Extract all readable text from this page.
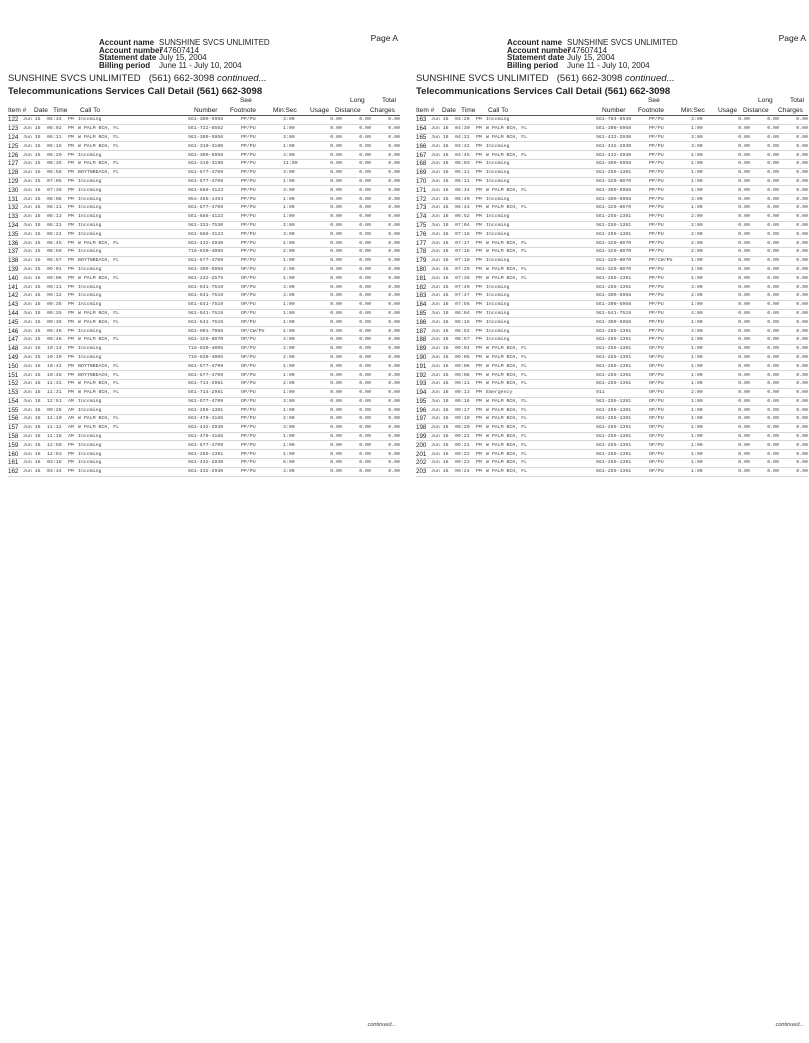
Page A
Account name SUNSHINE SVCS UNLIMITED
Account number747607414
Statement date July 15, 2004
Billing period June 11 - July 10, 2004
SUNSHINE SVCS UNLIMITED (561) 662-3098 continued...
Telecommunications Services Call Detail (561) 662-3098
Item # Date Time Call To	Number
See
Footnote	Min:Sec Usage
Long
Distance
Total
Charges
122	Jun 15	05:34	PM	Incoming	561-309-5958	PP/PU	3:00	0.00	0.00	0.00
123	Jun 15	06:02	PM	W PALM BCH, FL	561-722-6562	PP/PU	1:00	0.00	0.00	0.00
124	Jun 15	06:11	PM	W PALM BCH, FL	561-309-5958	PP/PU	3:00	0.00	0.00	0.00
125	Jun 15	06:15	PM	W PALM BCH, FL	561-310-3190	PP/PU	1:00	0.00	0.00	0.00
126	Jun 15	06:20	PM	Incoming	561-309-5958	PP/PU	3:00	0.00	0.00	0.00
127	Jun 15	06:36	PM	W PALM BCH, FL	561-310-3190	PP/PU	11:00	0.00	0.00	0.00
128	Jun 15	06:58	PM	BOYTNBEACH, FL	561-577-4709	PP/PU	3:00	0.00	0.00	0.00
129	Jun 15	07:05	PM	Incoming	561-577-4709	PP/PU	1:00	0.00	0.00	0.00
130	Jun 15	07:36	PM	Incoming	561-686-4123	PP/PU	3:00	0.00	0.00	0.00
131	Jun 15	08:08	PM	Incoming	954-465-1494	PP/PU	1:00	0.00	0.00	0.00
132	Jun 15	08:11	PM	Incoming	561-577-4709	PP/PU	1:00	0.00	0.00	0.00
133	Jun 15	08:13	PM	Incoming	561-686-4123	PP/PU	1:00	0.00	0.00	0.00
134	Jun 15	08:21	PM	Incoming	561-333-7530	PP/PU	2:00	0.00	0.00	0.00
135	Jun 15	08:24	PM	Incoming	561-686-4123	PP/PU	3:00	0.00	0.00	0.00
136	Jun 15	08:45	PM	W PALM BCH, FL	561-432-2930	PP/PU	1:00	0.00	0.00	0.00
137	Jun 15	08:50	PM	Incoming	716-830-4005	PP/PU	2:00	0.00	0.00	0.00
138	Jun 15	08:57	PM	BOYTNBEACH, FL	561-577-4709	PP/PU	1:00	0.00	0.00	0.00
139	Jun 15	09:01	PM	Incoming	561-309-5958	OP/PU	2:00	0.00	0.00	0.00
140	Jun 15	09:06	PM	W PALM BCH, FL	561-232-2575	OP/PU	1:00	0.00	0.00	0.00
141	Jun 15	09:11	PM	Incoming	561-541-7519	OP/PU	3:00	0.00	0.00	0.00
142	Jun 15	09:12	PM	Incoming	561-541-7519	OP/PU	3:00	0.00	0.00	0.00
143	Jun 15	09:35	PM	Incoming	561-541-7519	OP/PU	1:00	0.00	0.00	0.00
144	Jun 15	09:35	PM	W PALM BCH, FL	561-541-7519	OP/PU	1:00	0.00	0.00	0.00
145	Jun 15	09:36	PM	W PALM BCH, FL	561-541-7519	OP/PU	1:00	0.00	0.00	0.00
146	Jun 15	09:46	PM	Incoming	561-901-7966	OP/CW/PU	1:00	0.00	0.00	0.00
147	Jun 15	09:46	PM	W PALM BCH, FL	561-329-8070	OP/PU	4:00	0.00	0.00	0.00
148	Jun 15	10:14	PM	Incoming	716-830-4005	OP/PU	2:00	0.00	0.00	0.00
149	Jun 15	10:19	PM	Incoming	716-830-4005	OP/PU	2:00	0.00	0.00	0.00
150	Jun 15	10:42	PM	BOYTNBEACH, FL	561-577-4709	OP/PU	1:00	0.00	0.00	0.00
151	Jun 15	10:48	PM	BOYTNBEACH, FL	561-577-4709	OP/PU	1:00	0.00	0.00	0.00
152	Jun 15	11:31	PM	W PALM BCH, FL	561-714-2981	OP/PU	2:00	0.00	0.00	0.00
153	Jun 15	11:31	PM	W PALM BCH, FL	561-714-2981	OP/PU	1:00	0.00	0.00	0.00
154	Jun 16	12:51	AM	Incoming	561-577-4709	OP/PU	3:00	0.00	0.00	0.00
155	Jun 16	09:26	AM	Incoming	561-255-1391	PP/PU	1:00	0.00	0.00	0.00
156	Jun 16	11:10	AM	W PALM BCH, FL	561-478-4188	PP/PU	2:00	0.00	0.00	0.00
157	Jun 16	11:12	AM	W PALM BCH, FL	561-432-2930	PP/PU	3:00	0.00	0.00	0.00
158	Jun 16	11:18	AM	Incoming	561-478-4188	PP/PU	1:00	0.00	0.00	0.00
159	Jun 16	12:50	PM	Incoming	561-577-4709	PP/PU	1:00	0.00	0.00	0.00
160	Jun 16	12:53	PM	Incoming	561-255-1391	PP/PU	1:00	0.00	0.00	0.00
161	Jun 16	03:18	PM	Incoming	561-432-2930	PP/PU	6:00	0.00	0.00	0.00
162	Jun 16	03:34	PM	Incoming	561-432-2930	PP/PU	3:00	0.00	0.00	0.00
continued...
Page A
Account name SUNSHINE SVCS UNLIMITED
Account number747607414
Statement date July 15, 2004
Billing period June 11 - July 10, 2004
SUNSHINE SVCS UNLIMITED (561) 662-3098 continued...
Telecommunications Services Call Detail (561) 662-3098
Item # Date Time Call To	Number
See
Footnote	Min:Sec Usage
Long
Distance
Total
Charges
163	Jun 16	04:26	PM	Incoming	561-784-8549	PP/PU	3:00	0.00	0.00	0.00
164	Jun 16	04:30	PM	W PALM BCH, FL	561-309-5958	PP/PU	1:00	0.00	0.00	0.00
165	Jun 16	04:31	PM	W PALM BCH, FL	561-432-2930	PP/PU	3:00	0.00	0.00	0.00
166	Jun 16	04:42	PM	Incoming	561-432-2930	PP/PU	3:00	0.00	0.00	0.00
167	Jun 16	04:45	PM	W PALM BCH, FL	561-432-2930	PP/PU	1:00	0.00	0.00	0.00
168	Jun 16	05:03	PM	Incoming	561-309-5958	PP/PU	1:00	0.00	0.00	0.00
169	Jun 16	05:11	PM	Incoming	561-255-1391	PP/PU	1:00	0.00	0.00	0.00
170	Jun 16	06:11	PM	Incoming	561-329-8070	PP/PU	1:00	0.00	0.00	0.00
171	Jun 16	06:34	PM	W PALM BCH, FL	561-309-5958	PP/PU	1:00	0.00	0.00	0.00
172	Jun 16	06:40	PM	Incoming	561-309-5958	PP/PU	3:00	0.00	0.00	0.00
173	Jun 16	06:43	PM	W PALM BCH, FL	561-329-8070	PP/PU	1:00	0.00	0.00	0.00
174	Jun 16	06:52	PM	Incoming	561-255-1391	PP/PU	2:00	0.00	0.00	0.00
175	Jun 16	07:04	PM	Incoming	561-255-1391	PP/PU	2:00	0.00	0.00	0.00
176	Jun 16	07:16	PM	Incoming	561-255-1391	PP/PU	2:00	0.00	0.00	0.00
177	Jun 16	07:17	PM	W PALM BCH, FL	561-329-8070	PP/PU	2:00	0.00	0.00	0.00
178	Jun 16	07:18	PM	W PALM BCH, FL	561-329-8070	PP/PU	2:00	0.00	0.00	0.00
179	Jun 16	07:19	PM	Incoming	561-329-8070	PP/CW/PU	1:00	0.00	0.00	0.00
180	Jun 16	07:29	PM	W PALM BCH, FL	561-329-8070	PP/PU	1:00	0.00	0.00	0.00
181	Jun 16	07:36	PM	W PALM BCH, FL	561-255-1391	PP/PU	1:00	0.00	0.00	0.00
182	Jun 16	07:40	PM	Incoming	561-255-1391	PP/PU	3:00	0.00	0.00	0.00
183	Jun 16	07:47	PM	Incoming	561-309-5958	PP/PU	2:00	0.00	0.00	0.00
184	Jun 16	07:56	PM	Incoming	561-309-5958	PP/PU	1:00	0.00	0.00	0.00
185	Jun 16	08:04	PM	Incoming	561-541-7519	PP/PU	4:00	0.00	0.00	0.00
186	Jun 16	08:15	PM	Incoming	561-309-5958	PP/PU	1:00	0.00	0.00	0.00
187	Jun 16	08:52	PM	Incoming	561-255-1391	PP/PU	4:00	0.00	0.00	0.00
188	Jun 16	08:57	PM	Incoming	561-255-1391	PP/PU	1:00	0.00	0.00	0.00
189	Jun 16	09:04	PM	W PALM BCH, FL	561-255-1391	OP/PU	1:00	0.00	0.00	0.00
190	Jun 16	09:05	PM	W PALM BCH, FL	561-255-1391	OP/PU	1:00	0.00	0.00	0.00
191	Jun 16	09:06	PM	W PALM BCH, FL	561-255-1391	OP/PU	1:00	0.00	0.00	0.00
192	Jun 16	09:08	PM	W PALM BCH, FL	561-255-1391	OP/PU	1:00	0.00	0.00	0.00
193	Jun 16	09:11	PM	W PALM BCH, FL	561-255-1391	OP/PU	1:00	0.00	0.00	0.00
194	Jun 16	09:13	PM	Emergency	911	OP/PU	2:00	0.00	0.00	0.00
195	Jun 16	09:16	PM	W PALM BCH, FL	561-255-1391	OP/PU	1:00	0.00	0.00	0.00
196	Jun 16	09:17	PM	W PALM BCH, FL	561-255-1391	OP/PU	1:00	0.00	0.00	0.00
197	Jun 16	09:19	PM	W PALM BCH, FL	561-255-1391	OP/PU	1:00	0.00	0.00	0.00
198	Jun 16	09:20	PM	W PALM BCH, FL	561-255-1391	OP/PU	1:00	0.00	0.00	0.00
199	Jun 16	09:21	PM	W PALM BCH, FL	561-255-1391	OP/PU	1:00	0.00	0.00	0.00
200	Jun 16	09:21	PM	W PALM BCH, FL	561-255-1391	OP/PU	1:00	0.00	0.00	0.00
201	Jun 16	09:22	PM	W PALM BCH, FL	561-255-1391	OP/PU	1:00	0.00	0.00	0.00
202	Jun 16	09:23	PM	W PALM BCH, FL	561-255-1391	OP/PU	1:00	0.00	0.00	0.00
203	Jun 16	09:24	PM	W PALM BCH, FL	561-255-1391	OP/PU	1:00	0.00	0.00	0.00
continued...
